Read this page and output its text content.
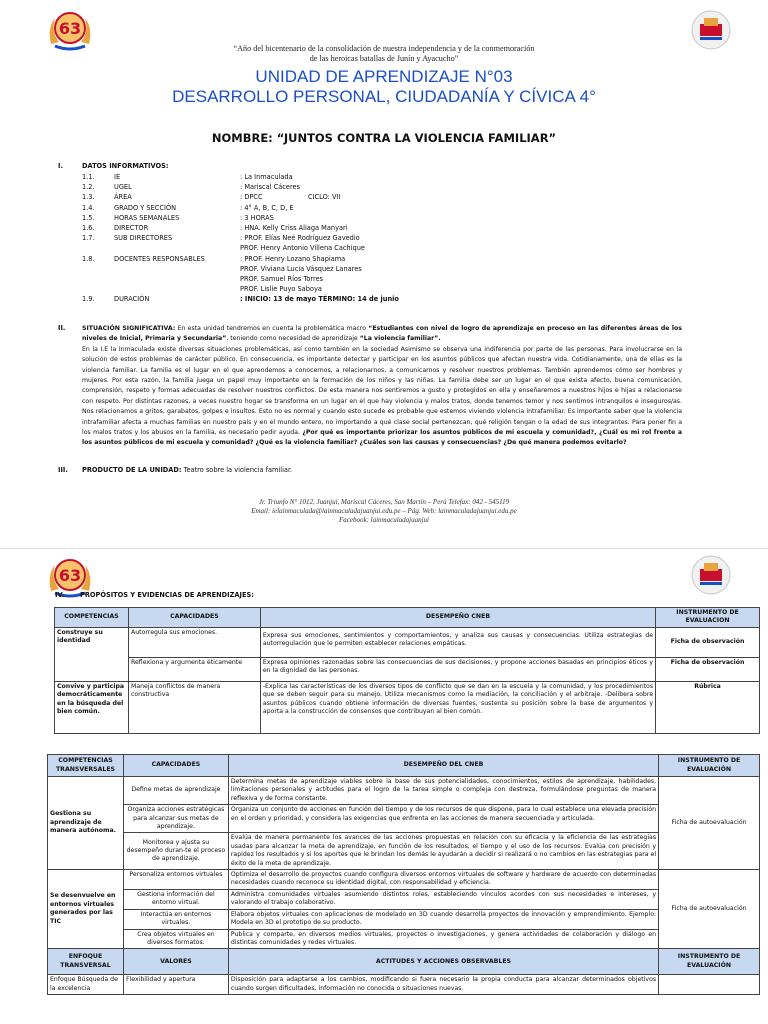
63
“Año del bicentenario de la consolidación de nuestra independencia y de la conmemoración
de las heroicas batallas de Junín y Ayacucho”
UNIDAD DE APRENDIZAJE N°03
DESARROLLO PERSONAL, CIUDADANÍA Y CÍVICA 4°
NOMBRE: “JUNTOS CONTRA LA VIOLENCIA FAMILIAR”
I.	DATOS INFORMATIVOS:
1.1.	IE	: La Inmaculada
1.2.	UGEL	: Mariscal Cáceres
1.3.	ÁREA	: DPCC	CICLO: VII
1.4.	GRADO Y SECCIÓN	: 4° A, B, C, D, E
1.5.	HORAS SEMANALES	: 3 HORAS
1.6.	DIRECTOR	: HNA. Kelly Criss Aliaga Manyari
1.7.	SUB DIRECTORES	: PROF. Elías Neé Rodríguez Gavedio
PROF. Henry Antonio Villena Cachique
1.8.	DOCENTES RESPONSABLES	: PROF. Henry Lozano Shapiama
PROF. Viviana Lucia Vásquez Lanares
PROF. Samuel Ríos Torres
PROF. Lislie Puyo Saboya
1.9.	DURACIÓN	: INICIO: 13 de mayo TÉRMINO: 14 de junio
II.	SITUACIÓN SIGNIFICATIVA: En esta unidad tendremos en cuenta la problemática macro “Estudiantes con nivel de logro de aprendizaje en proceso en las diferentes áreas de los niveles de Inicial, Primaria y Secundaria”, teniendo como necesidad de aprendizaje “La violencia familiar”.
En la I.E la Inmaculada existe diversas situaciones problemáticas, así como también en la sociedad Asimismo se observa una indiferencia por parte de las personas. Para involucrarse en la solución de estos problemas de carácter público. En consecuencia, es importante detectar y participar en los asuntos públicos que afectan nuestra vida. Cotidianamente, una de ellas es la violencia familiar. La familia es el lugar en el que aprendemos a conocernos, a relacionarnos, a comunicarnos y resolver nuestros problemas. También aprendemos cómo ser hombres y mujeres. Por esta razón, la familia juega un papel muy importante en la formación de los niños y las niñas. La familia debe ser un lugar en el que exista afecto, buena comunicación, comprensión, respeto y formas adecuadas de resolver nuestros conflictos. De esta manera nos sentiremos a gusto y protegidos en ella y enseñaremos a nuestros hijos e hijas a relacionarse con respeto. Por distintas razones, a veces nuestro hogar se transforma en un lugar en el que hay violencia y malos tratos, donde tenemos temor y nos sentimos intranquilos e inseguros/as. Nos relacionamos a gritos, garabatos, golpes e insultos. Esto no es normal y cuando esto sucede es probable que estemos viviendo violencia intrafamiliar. Es importante saber que la violencia intrafamiliar afecta a muchas familias en nuestro país y en el mundo entero, no importando a qué clase social pertenezcan, qué religión tengan o la edad de sus integrantes. Para poner fin a los malos tratos y los abusos en la familia, es necesario pedir ayuda. ¿Por qué es importante priorizar los asuntos públicos de mi escuela y comunidad?, ¿Cuál es mi rol frente a los asuntos públicos de mi escuela y comunidad? ¿Qué es la violencia familiar? ¿Cuáles son las causas y consecuencias? ¿De qué manera podemos evitarlo?
III. PRODUCTO DE LA UNIDAD: Teatro sobre la violencia familiar.
Jr. Triunfo N° 1012, Juanjuí, Mariscal Cáceres, San Martín – Perú Telefax: 042 - 545119
Email: ielainmaculada@lainmaculadajuanjui.edu.pe – Pág. Web: lainmaculadajuanjui.edu.pe
Facebook: lainmaculadajuanjui
63
IV. PROPÓSITOS Y EVIDENCIAS DE APRENDIZAJES:
COMPETENCIAS	CAPACIDADES	DESEMPEÑO CNEB	INSTRUMENTO DE EVALUACION
Construye su identidad	Autorregula sus emociones.	Expresa sus emociones, sentimientos y comportamientos, y analiza sus causas y consecuencias. Utiliza estrategias de autorregulación que le permiten establecer relaciones empáticas.	Ficha de observación
	Reflexiona y argumenta éticamente	Expresa opiniones razonadas sobre las consecuencias de sus decisiones, y propone acciones basadas en principios éticos y en la dignidad de las personas.	Ficha de observación
Convive y participa democráticamente en la búsqueda del bien común.	Maneja conflictos de manera constructiva	-Explica las características de los diversos tipos de conflicto que se dan en la escuela y la comunidad, y los procedimientos que se deben seguir para su manejo. Utiliza mecanismos como la mediación, la conciliación y el arbitraje. -Delibera sobre asuntos públicos cuando obtiene información de diversas fuentes, sustenta su posición sobre la base de argumentos y aporta a la construcción de consensos que contribuyan al bien común.	Rúbrica
COMPETENCIAS TRANSVERSALES	CAPACIDADES	DESEMPEÑO DEL CNEB	INSTRUMENTO DE EVALUACIÓN
Gestiona su aprendizaje de manera autónoma.	Define metas de aprendizaje	Determina metas de aprendizaje viables sobre la base de sus potencialidades, conocimientos, estilos de aprendizaje, habilidades, limitaciones personales y actitudes para el logro de la tarea simple o compleja con destreza, formulándose preguntas de manera reflexiva y de forma constante.	Ficha de autoevaluación
	Organiza acciones estratégicas para alcanzar sus metas de aprendizaje.	Organiza un conjunto de acciones en función del tiempo y de los recursos de que dispone, para lo cual establece una elevada precisión en el orden y prioridad, y considera las exigencias que enfrenta en las acciones de manera secuenciada y articulada.	
	Monitorea y ajusta su desempeño duran-te el proceso de aprendizaje.	Evalúa de manera permanente los avances de las acciones propuestas en relación con su eficacia y la eficiencia de las estrategias usadas para alcanzar la meta de aprendizaje, en función de los resultados, el tiempo y el uso de los recursos. Evalúa con precisión y rapidez los resultados y si los aportes que le brindan los demás le ayudarán a decidir si realizará o no cambios en las estrategias para el éxito de la meta de aprendizaje.	
Se desenvuelve en entornos virtuales generados por las TIC	Personaliza entornos virtuales	Optimiza el desarrollo de proyectos cuando configura diversos entornos virtuales de software y hardware de acuerdo con determinadas necesidades cuando reconoce su identidad digital, con responsabilidad y eficiencia.	Ficha de autoevaluación
	Gestiona información del entorno virtual.	Administra comunidades virtuales asumiendo distintos roles, estableciendo vínculos acordes con sus necesidades e intereses, y valorando el trabajo colaborativo.	
	Interactúa en entornos virtuales.	Elabora objetos virtuales con aplicaciones de modelado en 3D cuando desarrolla proyectos de innovación y emprendimiento. Ejemplo: Modela en 3D el prototipo de su producto.	
	Crea objetos virtuales en diversos formatos.	Publica y comparte, en diversos medios virtuales, proyectos o investigaciones, y genera actividades de colaboración y diálogo en distintas comunidades y redes virtuales.	
ENFOQUE TRANSVERSAL	VALORES	ACTITUDES Y ACCIONES OBSERVABLES	INSTRUMENTO DE EVALUACIÓN
Enfoque Búsqueda de la excelencia	Flexibilidad y apertura	Disposición para adaptarse a los cambios, modificando si fuera necesario la propia conducta para alcanzar determinados objetivos cuando surgen dificultades, información no conocida o situaciones nuevas.	
